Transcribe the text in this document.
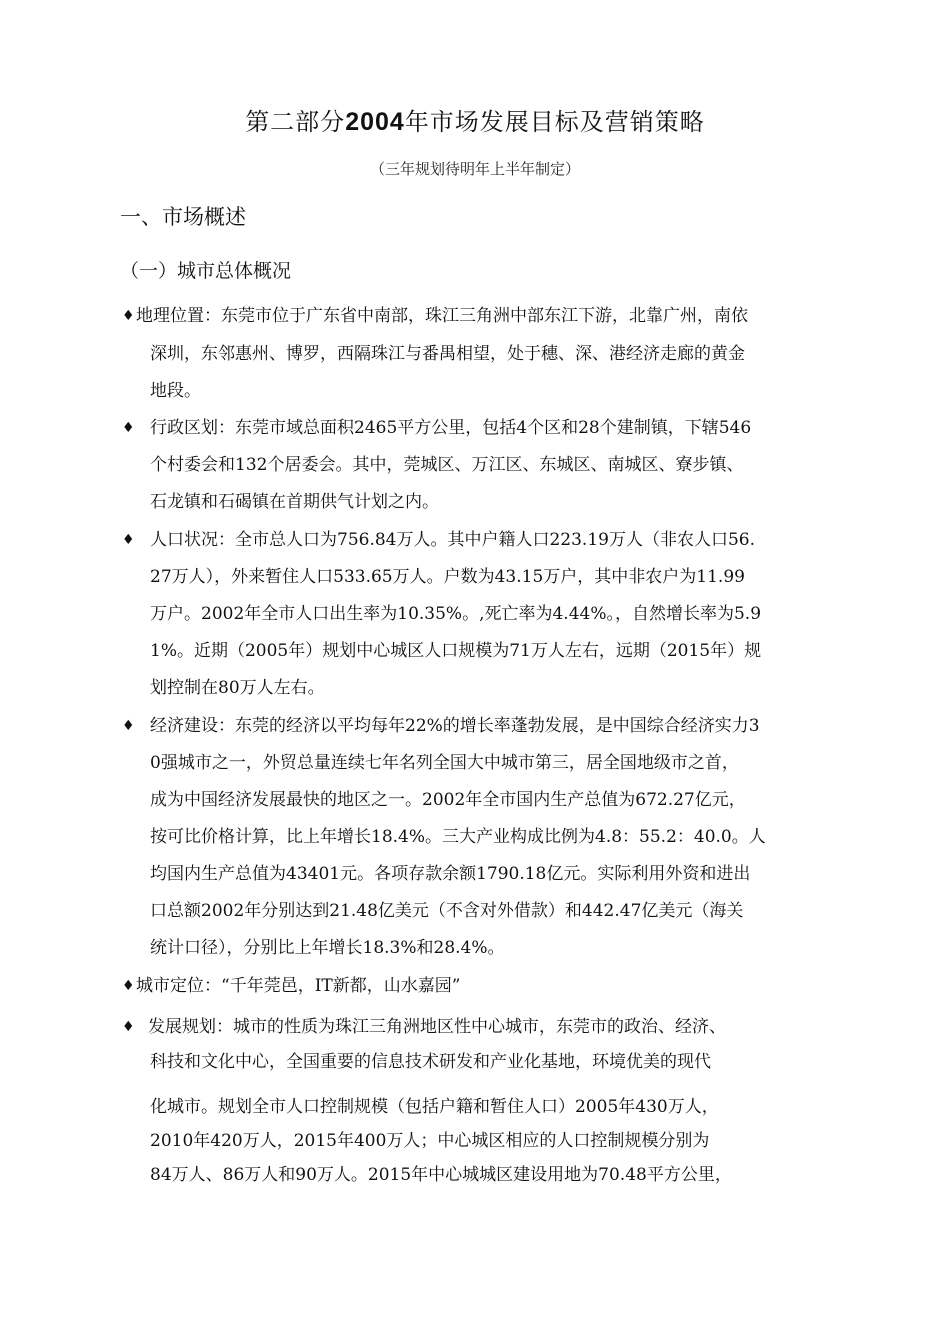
第二部分2004年市场发展目标及营销策略
（三年规划待明年上半年制定）
一、市场概述
（一）城市总体概况
♦ 地理位置：东莞市位于广东省中南部，珠江三角洲中部东江下游，北靠广州，南依
深圳，东邻惠州、博罗，西隔珠江与番禺相望，处于穗、深、港经济走廊的黄金
地段。
♦ 行政区划：东莞市域总面积2465平方公里，包括4个区和28个建制镇，下辖546
个村委会和132个居委会。其中，莞城区、万江区、东城区、南城区、寮步镇、
石龙镇和石碣镇在首期供气计划之内。
♦ 人口状况：全市总人口为756.84万人。其中户籍人口223.19万人（非农人口56.
27万人），外来暂住人口533.65万人。户数为43.15万户，其中非农户为11.99
万户。2002年全市人口出生率为10.35%。,死亡率为4.44%。，自然增长率为5.9
1%。近期（2005年）规划中心城区人口规模为71万人左右，远期（2015年）规
划控制在80万人左右。
♦ 经济建设：东莞的经济以平均每年22%的增长率蓬勃发展，是中国综合经济实力3
0强城市之一，外贸总量连续七年名列全国大中城市第三，居全国地级市之首，
成为中国经济发展最快的地区之一。2002年全市国内生产总值为672.27亿元，
按可比价格计算，比上年增长18.4%。三大产业构成比例为4.8：55.2：40.0。人
均国内生产总值为43401元。各项存款余额1790.18亿元。实际利用外资和进出
口总额2002年分别达到21.48亿美元（不含对外借款）和442.47亿美元（海关
统计口径），分别比上年增长18.3%和28.4%。
♦ 城市定位：“千年莞邑，IT新都，山水嘉园”
♦ 发展规划：城市的性质为珠江三角洲地区性中心城市，东莞市的政治、经济、
科技和文化中心，全国重要的信息技术研发和产业化基地，环境优美的现代
化城市。规划全市人口控制规模（包括户籍和暂住人口）2005年430万人，
2010年420万人，2015年400万人；中心城区相应的人口控制规模分别为
84万人、86万人和90万人。2015年中心城城区建设用地为70.48平方公里，
